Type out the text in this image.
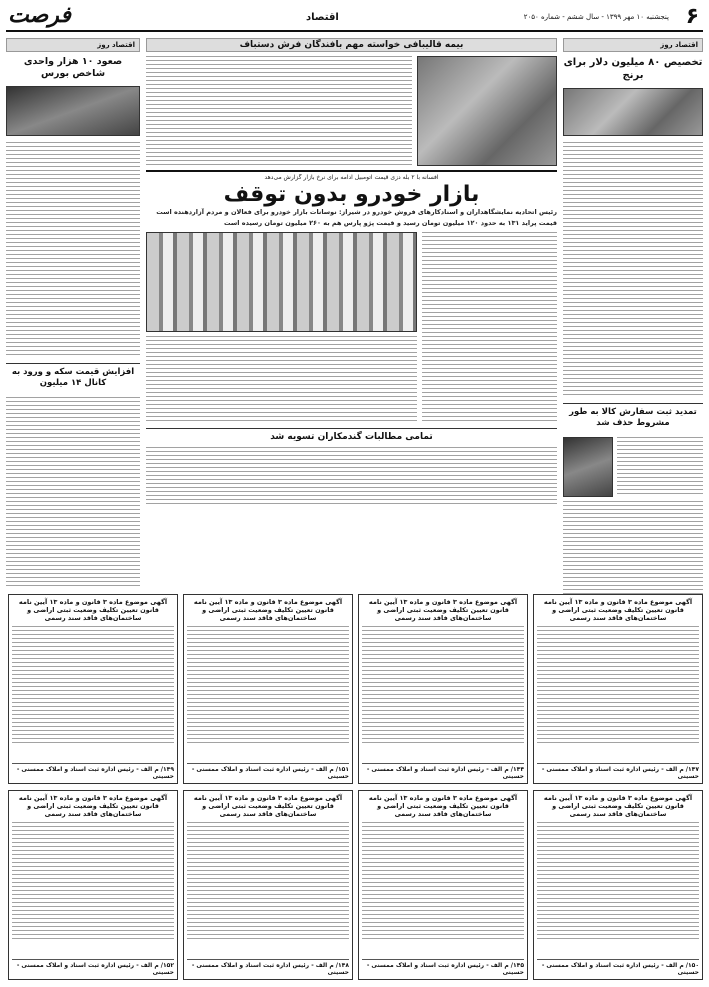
۶
پنجشنبه ۱۰ مهر ۱۳۹۹ - سال ششم - شماره ۲۰۵۰
اقتصاد
فرصت
اقتصاد روز
تخصیص ۸۰ میلیون دلار برای برنج
تمدید ثبت سفارش کالا به طور مشروط حذف شد
بیمه قالیبافی خواسته مهم بافندگان فرش دستباف
افسانه با ۲ بله دزی قیمت اتومبیل ادامه برای نرخ بازار گزارش می‌دهد
بازار خودرو بدون توقف
رئیس اتحادیه نمایشگاهداران و اسنادکارهای فروش خودرو در شیراز: نوسانات بازار خودرو برای فعالان و مردم آزاردهنده است
قیمت پراید ۱۳۱ به حدود ۱۲۰ میلیون تومان رسید و قیمت پژو پارس هم به ۲۶۰ میلیون تومان رسیده است
تمامی مطالبات گندمکاران تسویه شد
اقتصاد روز
صعود ۱۰ هزار واحدی شاخص بورس
افزایش قیمت سکه و ورود به کانال ۱۴ میلیون
آگهی موضوع ماده ۳ قانون و ماده ۱۳ آیین نامه قانون تعیین تکلیف وضعیت ثبتی اراضی و ساختمان‌های فاقد سند رسمی
۱۴۷/ م الف - رئیس اداره ثبت اسناد و املاک ممسنی - حسینی
آگهی موضوع ماده ۳ قانون و ماده ۱۳ آیین نامه قانون تعیین تکلیف وضعیت ثبتی اراضی و ساختمان‌های فاقد سند رسمی
۱۴۴/ م الف - رئیس اداره ثبت اسناد و املاک ممسنی - حسینی
آگهی موضوع ماده ۳ قانون و ماده ۱۳ آیین نامه قانون تعیین تکلیف وضعیت ثبتی اراضی و ساختمان‌های فاقد سند رسمی
۱۵۱/ م الف - رئیس اداره ثبت اسناد و املاک ممسنی - حسینی
آگهی موضوع ماده ۳ قانون و ماده ۱۳ آیین نامه قانون تعیین تکلیف وضعیت ثبتی اراضی و ساختمان‌های فاقد سند رسمی
۱۴۹/ م الف - رئیس اداره ثبت اسناد و املاک ممسنی - حسینی
آگهی موضوع ماده ۳ قانون و ماده ۱۳ آیین نامه قانون تعیین تکلیف وضعیت ثبتی اراضی و ساختمان‌های فاقد سند رسمی
۱۵۰/ م الف - رئیس اداره ثبت اسناد و املاک ممسنی - حسینی
آگهی موضوع ماده ۳ قانون و ماده ۱۳ آیین نامه قانون تعیین تکلیف وضعیت ثبتی اراضی و ساختمان‌های فاقد سند رسمی
۱۴۵/ م الف - رئیس اداره ثبت اسناد و املاک ممسنی - حسینی
آگهی موضوع ماده ۳ قانون و ماده ۱۳ آیین نامه قانون تعیین تکلیف وضعیت ثبتی اراضی و ساختمان‌های فاقد سند رسمی
۱۴۸/ م الف - رئیس اداره ثبت اسناد و املاک ممسنی - حسینی
آگهی موضوع ماده ۳ قانون و ماده ۱۳ آیین نامه قانون تعیین تکلیف وضعیت ثبتی اراضی و ساختمان‌های فاقد سند رسمی
۱۵۲/ م الف - رئیس اداره ثبت اسناد و املاک ممسنی - حسینی
